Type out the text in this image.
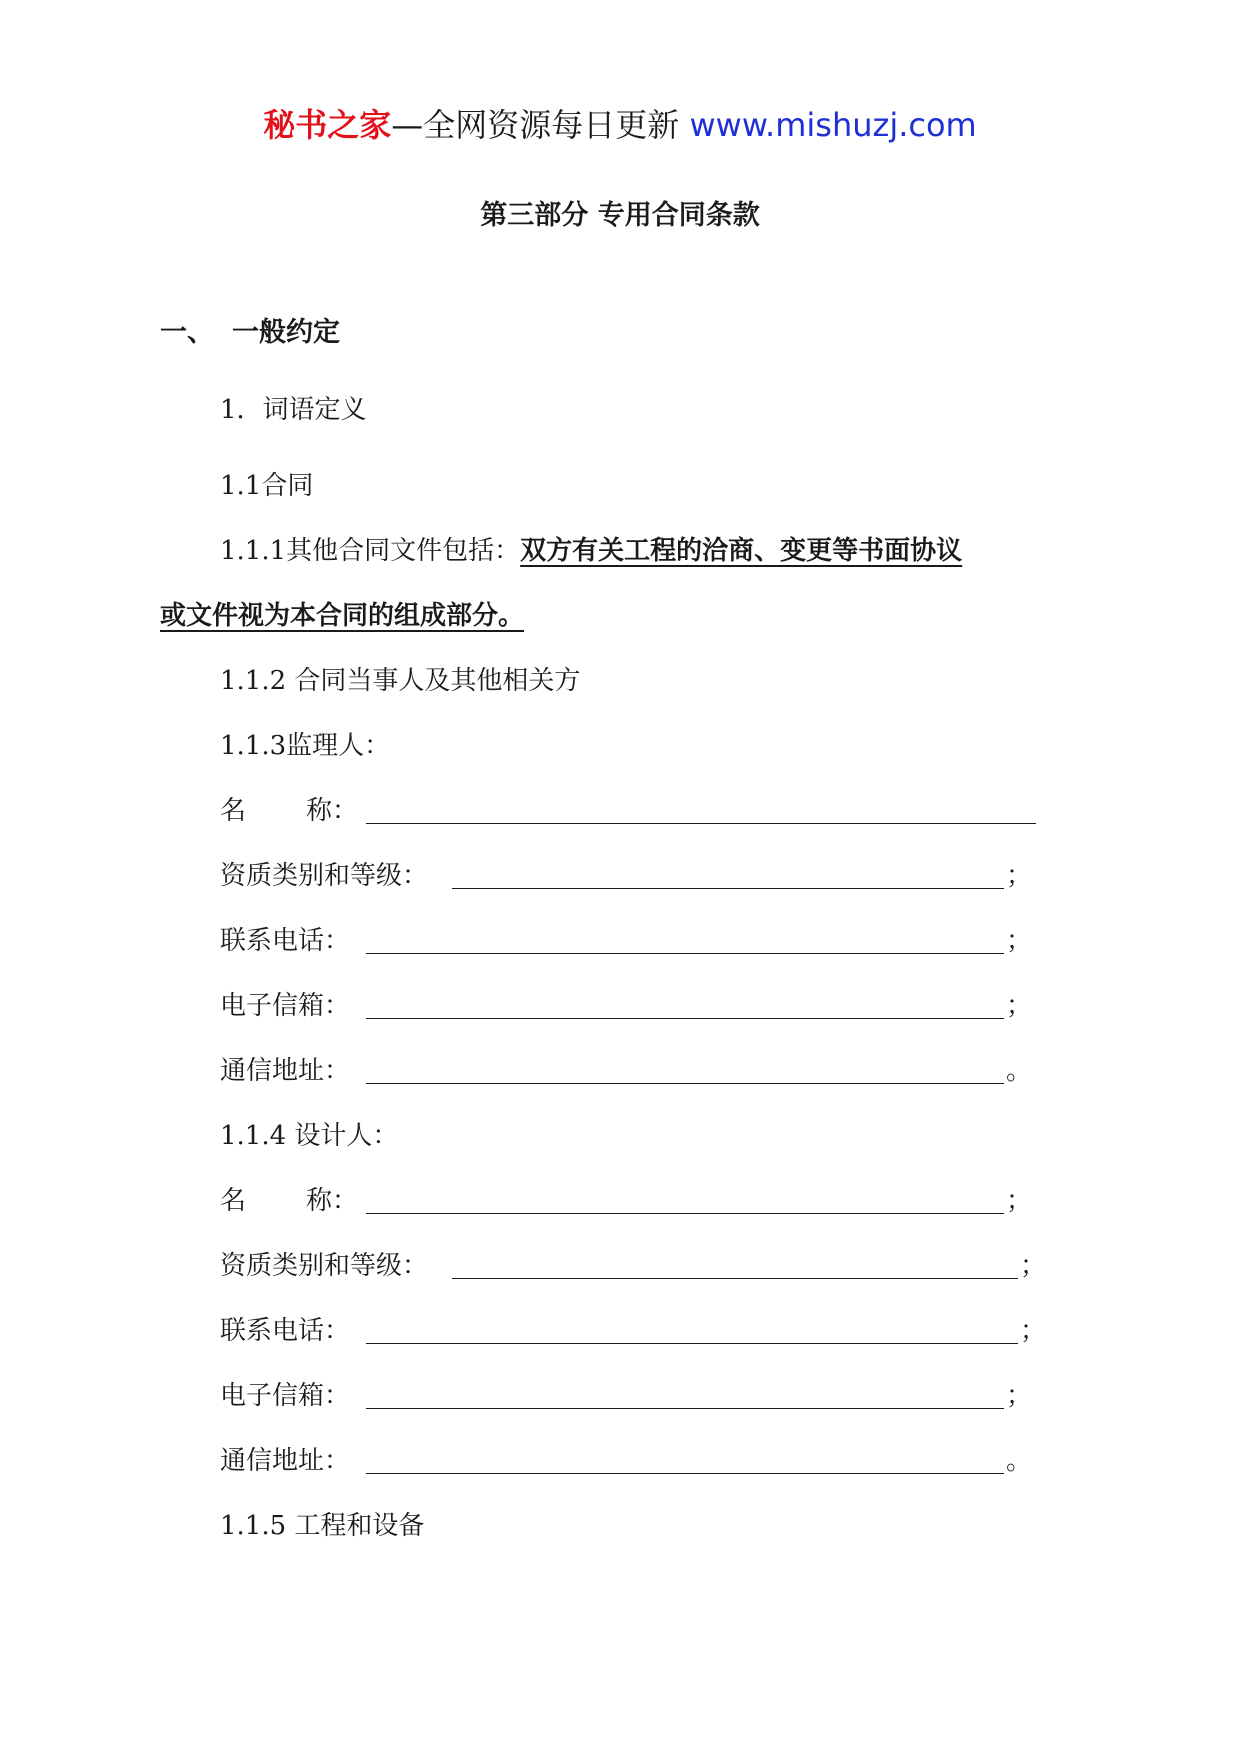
秘书之家—全网资源每日更新 www.mishuzj.com
第三部分 专用合同条款
一、 一般约定
1．词语定义
1.1合同
1.1.1其他合同文件包括：双方有关工程的洽商、变更等书面协议
或文件视为本合同的组成部分。
1.1.2 合同当事人及其他相关方
1.1.3监理人：
名 称：
资质类别和等级：	；
联系电话：	；
电子信箱：	；
通信地址：	。
1.1.4 设计人：
名 称：	；
资质类别和等级：	；
联系电话：	；
电子信箱：	；
通信地址：	。
1.1.5 工程和设备
